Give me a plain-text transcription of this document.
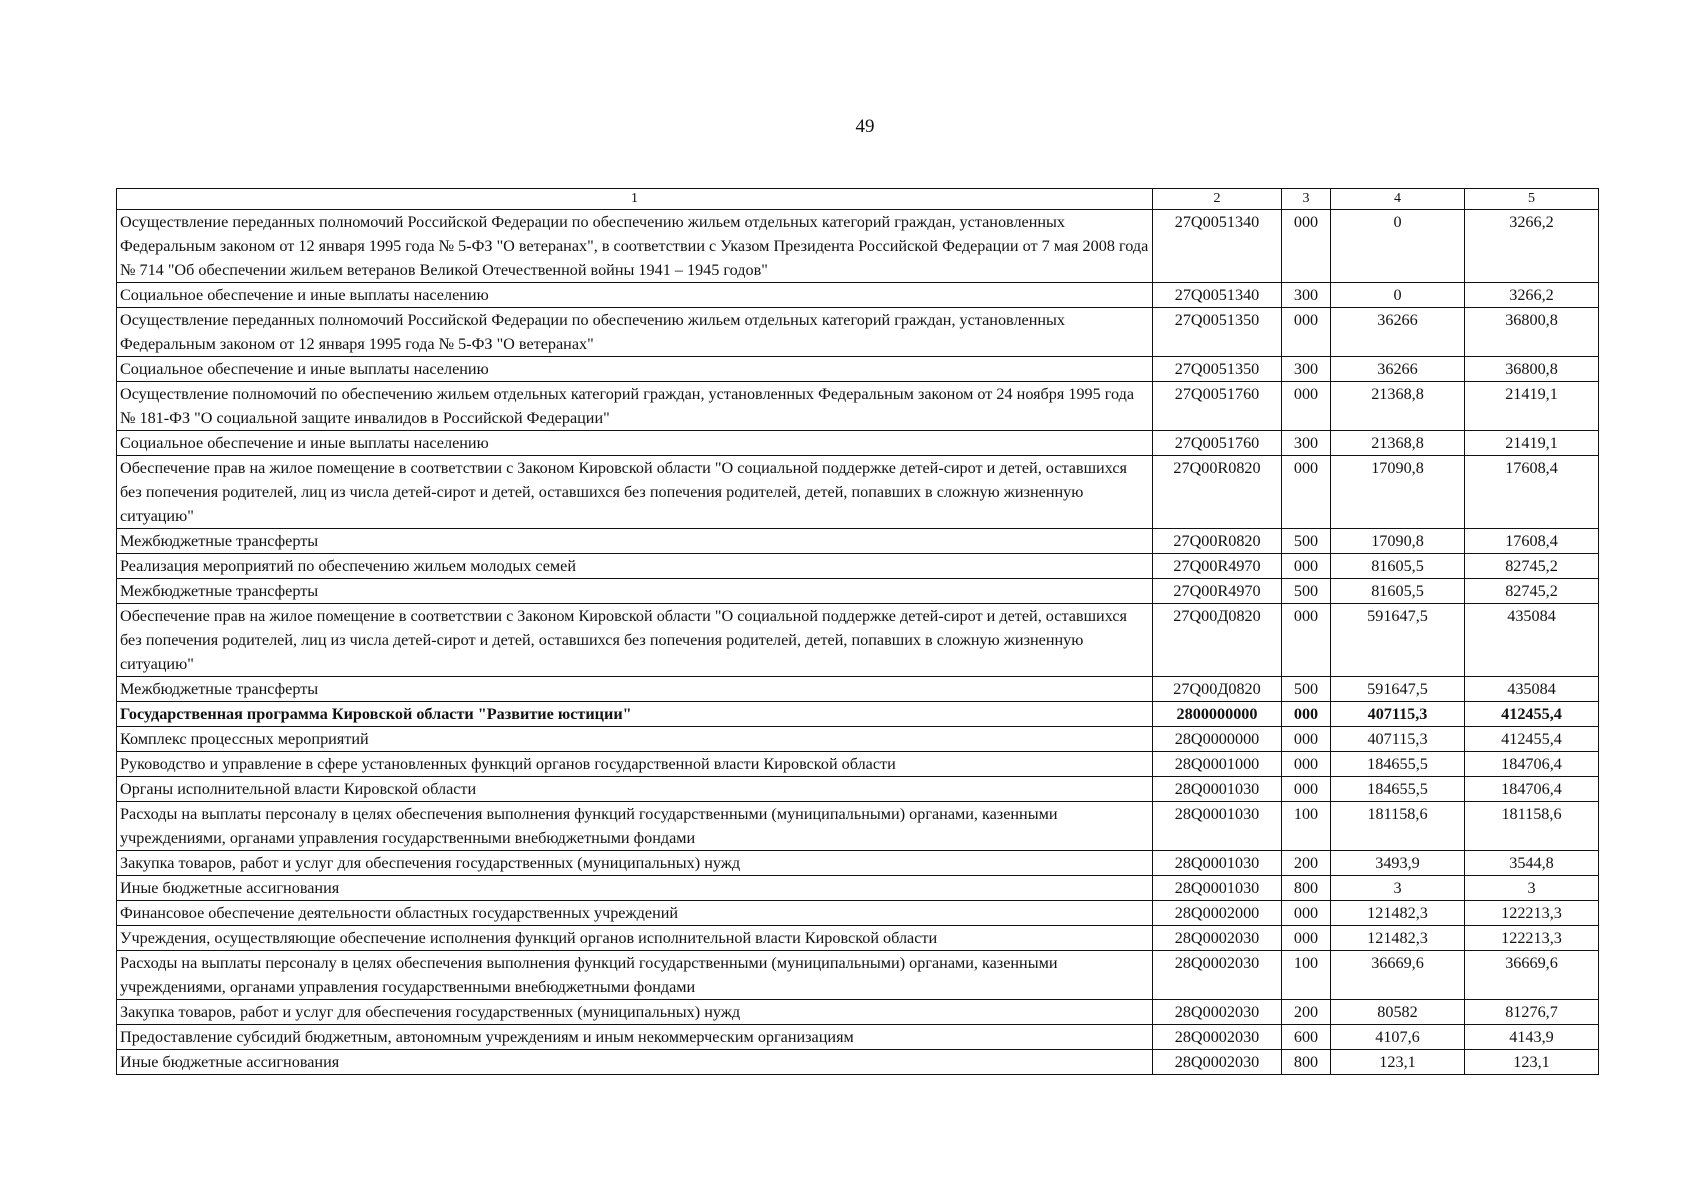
49
1	2	3	4	5
Осуществление переданных полномочий Российской Федерации по обеспечению жильем отдельных категорий граждан, установленных Федеральным законом от 12 января 1995 года № 5-ФЗ "О ветеранах", в соответствии с Указом Президента Российской Федерации от 7 мая 2008 года № 714 "Об обеспечении жильем ветеранов Великой Отечественной войны 1941 – 1945 годов"	27Q0051340	000	0	3266,2
Социальное обеспечение и иные выплаты населению	27Q0051340	300	0	3266,2
Осуществление переданных полномочий Российской Федерации по обеспечению жильем отдельных категорий граждан, установленных Федеральным законом от 12 января 1995 года № 5-ФЗ "О ветеранах"	27Q0051350	000	36266	36800,8
Социальное обеспечение и иные выплаты населению	27Q0051350	300	36266	36800,8
Осуществление полномочий по обеспечению жильем отдельных категорий граждан, установленных Федеральным законом от 24 ноября 1995 года № 181-ФЗ "О социальной защите инвалидов в Российской Федерации"	27Q0051760	000	21368,8	21419,1
Социальное обеспечение и иные выплаты населению	27Q0051760	300	21368,8	21419,1
Обеспечение прав на жилое помещение в соответствии с Законом Кировской области "О социальной поддержке детей-сирот и детей, оставшихся без попечения родителей, лиц из числа детей-сирот и детей, оставшихся без попечения родителей, детей, попавших в сложную жизненную ситуацию"	27Q00R0820	000	17090,8	17608,4
Межбюджетные трансферты	27Q00R0820	500	17090,8	17608,4
Реализация мероприятий по обеспечению жильем молодых семей	27Q00R4970	000	81605,5	82745,2
Межбюджетные трансферты	27Q00R4970	500	81605,5	82745,2
Обеспечение прав на жилое помещение в соответствии с Законом Кировской области "О социальной поддержке детей-сирот и детей, оставшихся без попечения родителей, лиц из числа детей-сирот и детей, оставшихся без попечения родителей, детей, попавших в сложную жизненную ситуацию"	27Q00Д0820	000	591647,5	435084
Межбюджетные трансферты	27Q00Д0820	500	591647,5	435084
Государственная программа Кировской области "Развитие юстиции"	2800000000	000	407115,3	412455,4
Комплекс процессных мероприятий	28Q0000000	000	407115,3	412455,4
Руководство и управление в сфере установленных функций органов государственной власти Кировской области	28Q0001000	000	184655,5	184706,4
Органы исполнительной власти Кировской области	28Q0001030	000	184655,5	184706,4
Расходы на выплаты персоналу в целях обеспечения выполнения функций государственными (муниципальными) органами, казенными учреждениями, органами управления государственными внебюджетными фондами	28Q0001030	100	181158,6	181158,6
Закупка товаров, работ и услуг для обеспечения государственных (муниципальных) нужд	28Q0001030	200	3493,9	3544,8
Иные бюджетные ассигнования	28Q0001030	800	3	3
Финансовое обеспечение деятельности областных государственных учреждений	28Q0002000	000	121482,3	122213,3
Учреждения, осуществляющие обеспечение исполнения функций органов исполнительной власти Кировской области	28Q0002030	000	121482,3	122213,3
Расходы на выплаты персоналу в целях обеспечения выполнения функций государственными (муниципальными) органами, казенными учреждениями, органами управления государственными внебюджетными фондами	28Q0002030	100	36669,6	36669,6
Закупка товаров, работ и услуг для обеспечения государственных (муниципальных) нужд	28Q0002030	200	80582	81276,7
Предоставление субсидий бюджетным, автономным учреждениям и иным некоммерческим организациям	28Q0002030	600	4107,6	4143,9
Иные бюджетные ассигнования	28Q0002030	800	123,1	123,1
